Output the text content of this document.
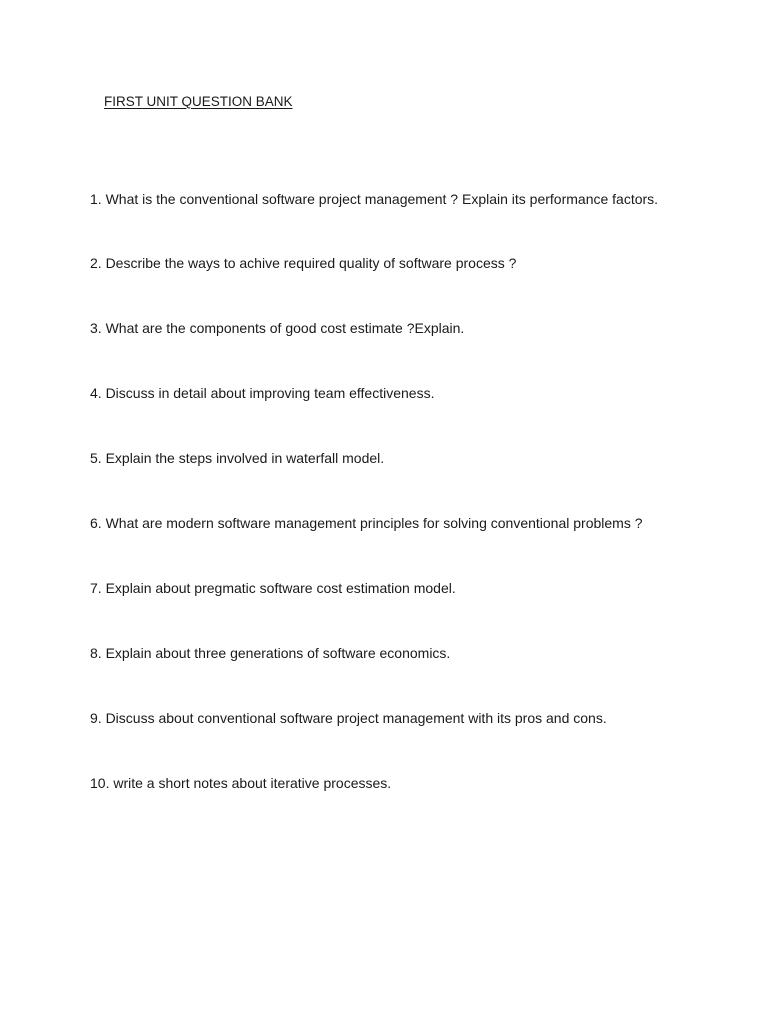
FIRST UNIT QUESTION BANK
1. What is the conventional software project management ? Explain its performance factors.
2. Describe the ways to achive required quality of software process ?
3. What are the components of good cost estimate ?Explain.
4. Discuss in detail about improving team effectiveness.
5. Explain the steps involved in waterfall model.
6. What are modern software management principles for solving conventional problems ?
7. Explain about pregmatic software cost estimation model.
8. Explain about three generations of software economics.
9. Discuss about conventional software project management with its pros and cons.
10. write a short notes about iterative processes.
